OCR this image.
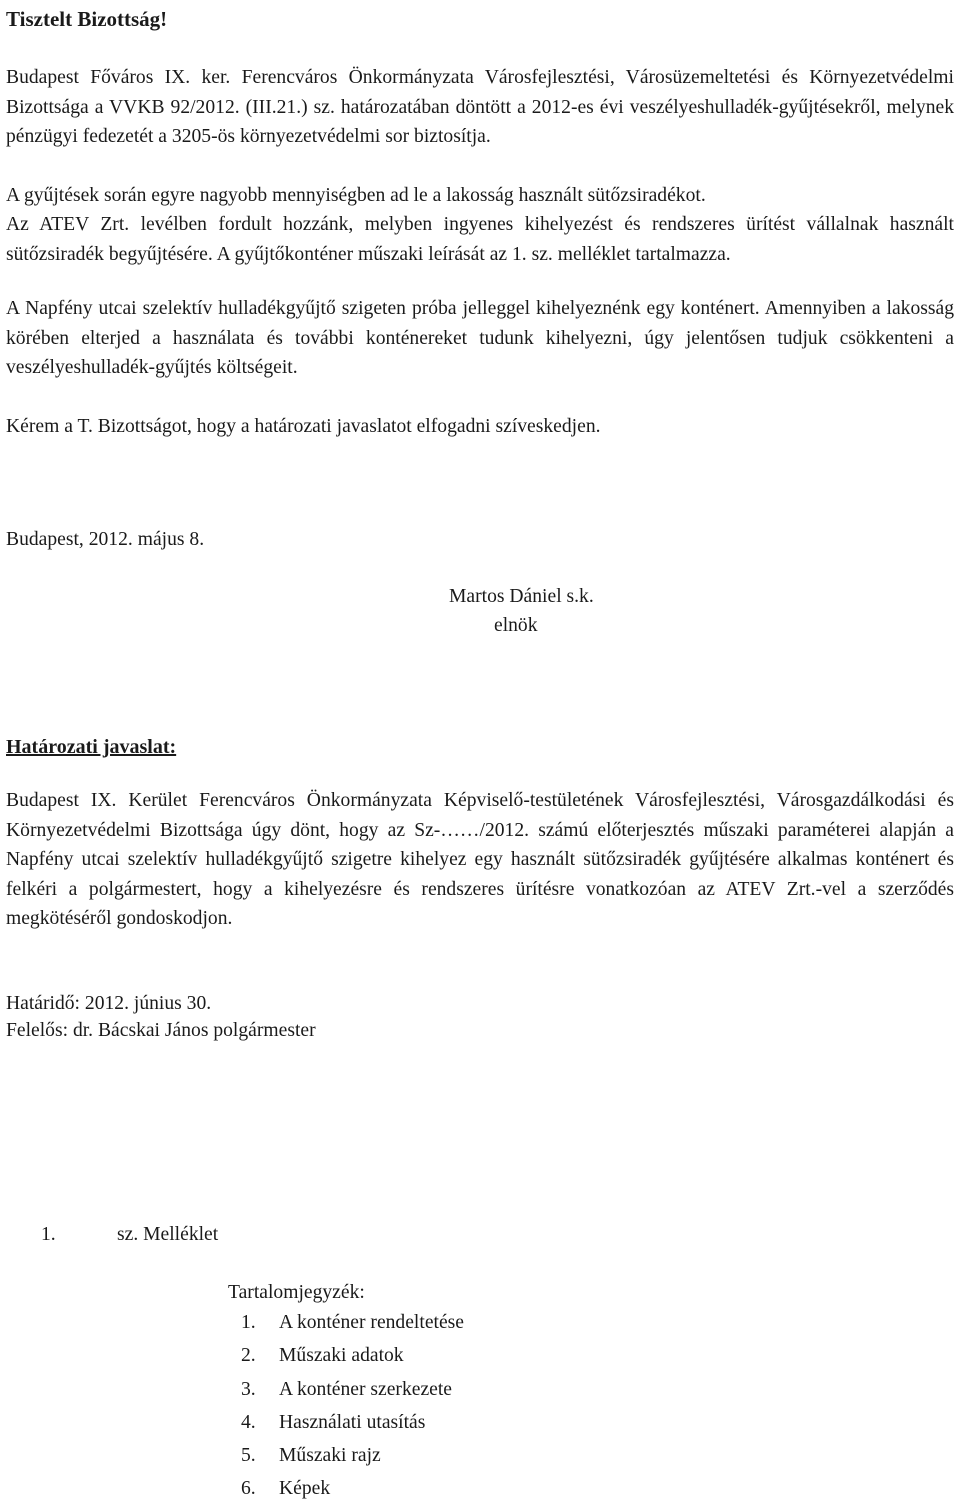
Tisztelt Bizottság!
Budapest Főváros IX. ker. Ferencváros Önkormányzata Városfejlesztési, Városüzemeltetési és Környezetvédelmi Bizottsága a VVKB 92/2012. (III.21.) sz. határozatában döntött a 2012-es évi veszélyeshulladék-gyűjtésekről, melynek pénzügyi fedezetét a 3205-ös környezetvédelmi sor biztosítja.
A gyűjtések során egyre nagyobb mennyiségben ad le a lakosság használt sütőzsiradékot.
Az ATEV Zrt. levélben fordult hozzánk, melyben ingyenes kihelyezést és rendszeres ürítést vállalnak használt sütőzsiradék begyűjtésére. A gyűjtőkonténer műszaki leírását az 1. sz. melléklet tartalmazza.
A Napfény utcai szelektív hulladékgyűjtő szigeten próba jelleggel kihelyeznénk egy konténert. Amennyiben a lakosság körében elterjed a használata és további konténereket tudunk kihelyezni, úgy jelentősen tudjuk csökkenteni a veszélyeshulladék-gyűjtés költségeit.
Kérem a T. Bizottságot, hogy a határozati javaslatot elfogadni szíveskedjen.
Budapest, 2012. május 8.
Martos Dániel s.k.
elnök
Határozati javaslat:
Budapest IX. Kerület Ferencváros Önkormányzata Képviselő-testületének Városfejlesztési, Városgazdálkodási és Környezetvédelmi Bizottsága úgy dönt, hogy az Sz-……/2012. számú előterjesztés műszaki paraméterei alapján a Napfény utcai szelektív hulladékgyűjtő szigetre kihelyez egy használt sütőzsiradék gyűjtésére alkalmas konténert és felkéri a polgármestert, hogy a kihelyezésre és rendszeres ürítésre vonatkozóan az ATEV Zrt.-vel a szerződés megkötéséről gondoskodjon.
Határidő: 2012. június 30.
Felelős: dr. Bácskai János polgármester
1.	sz. Melléklet
Tartalomjegyzék:
1. A konténer rendeltetése
2. Műszaki adatok
3. A konténer szerkezete
4. Használati utasítás
5. Műszaki rajz
6. Képek
